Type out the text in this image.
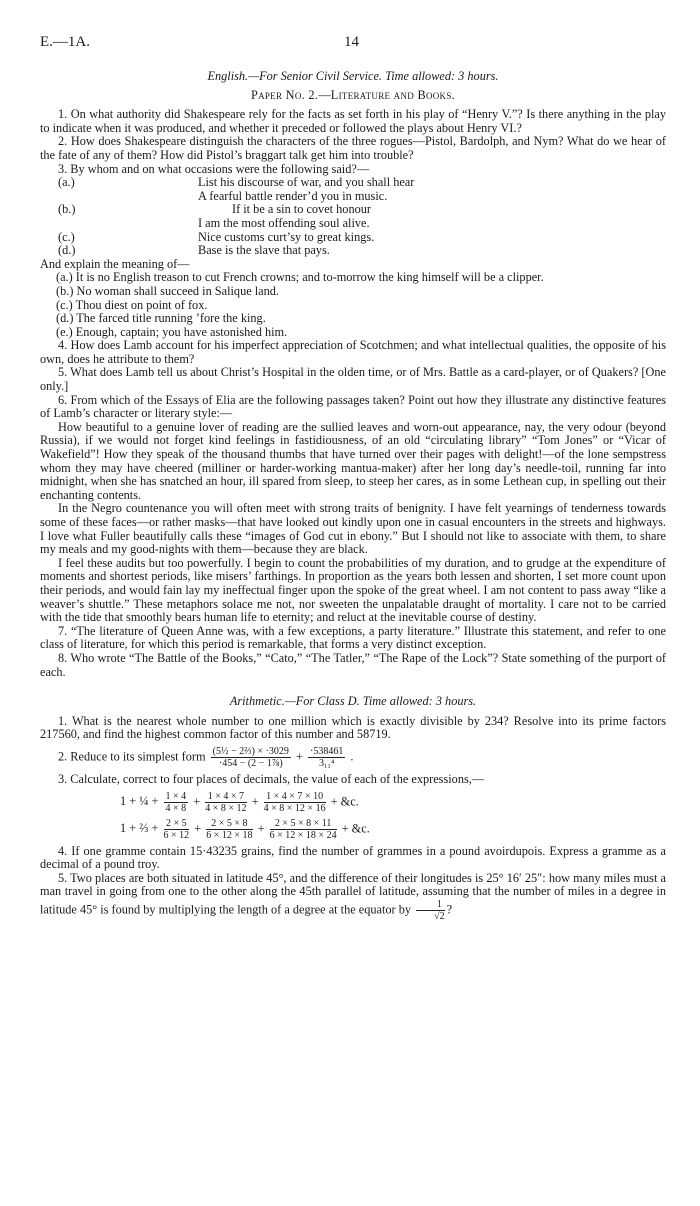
E.—1A.	14
English.—For Senior Civil Service. Time allowed: 3 hours.
Paper No. 2.—Literature and Books.

1. On what authority did Shakespeare rely for the facts as set forth in his play of “Henry V.”? Is there anything in the play to indicate when it was produced, and whether it preceded or followed the plays about Henry VI.?

2. How does Shakespeare distinguish the characters of the three rogues—Pistol, Bardolph, and Nym? What do we hear of the fate of any of them? How did Pistol’s braggart talk get him into trouble?

3. By whom and on what occasions were the following said?—

(a.)	List his discourse of war, and you shall hear
A fearful battle render’d you in music.
(b.)	If it be a sin to covet honour
I am the most offending soul alive.
(c.)	Nice customs curt’sy to great kings.
(d.)	Base is the slave that pays.

And explain the meaning of—

(a.) It is no English treason to cut French crowns; and to-morrow the king himself will be a clipper.

(b.) No woman shall succeed in Salique land.

(c.) Thou diest on point of fox.

(d.) The farced title running ’fore the king.

(e.) Enough, captain; you have astonished him.

4. How does Lamb account for his imperfect appreciation of Scotchmen; and what intellectual qualities, the opposite of his own, does he attribute to them?

5. What does Lamb tell us about Christ’s Hospital in the olden time, or of Mrs. Battle as a card-player, or of Quakers? [One only.]

6. From which of the Essays of Elia are the following passages taken? Point out how they illustrate any distinctive features of Lamb’s character or literary style:—

How beautiful to a genuine lover of reading are the sullied leaves and worn-out appearance, nay, the very odour (beyond Russia), if we would not forget kind feelings in fastidiousness, of an old “circulating library” “Tom Jones” or “Vicar of Wakefield”! How they speak of the thousand thumbs that have turned over their pages with delight!—of the lone sempstress whom they may have cheered (milliner or harder-working mantua-maker) after her long day’s needle-toil, running far into midnight, when she has snatched an hour, ill spared from sleep, to steep her cares, as in some Lethean cup, in spelling out their enchanting contents.

In the Negro countenance you will often meet with strong traits of benignity. I have felt yearnings of tenderness towards some of these faces—or rather masks—that have looked out kindly upon one in casual encounters in the streets and highways. I love what Fuller beautifully calls these “images of God cut in ebony.” But I should not like to associate with them, to share my meals and my good-nights with them—because they are black.

I feel these audits but too powerfully. I begin to count the probabilities of my duration, and to grudge at the expenditure of moments and shortest periods, like misers’ farthings. In proportion as the years both lessen and shorten, I set more count upon their periods, and would fain lay my ineffectual finger upon the spoke of the great wheel. I am not content to pass away “like a weaver’s shuttle.” These metaphors solace me not, nor sweeten the unpalatable draught of mortality. I care not to be carried with the tide that smoothly bears human life to eternity; and reluct at the inevitable course of destiny.

7. “The literature of Queen Anne was, with a few exceptions, a party literature.” Illustrate this statement, and refer to one class of literature, for which this period is remarkable, that forms a very distinct exception.

8. Who wrote “The Battle of the Books,” “Cato,” “The Tatler,” “The Rape of the Lock”? State something of the purport of each.

Arithmetic.—For Class D. Time allowed: 3 hours.

1. What is the nearest whole number to one million which is exactly divisible by 234? Resolve into its prime factors 217560, and find the highest common factor of this number and 58719.

2. Reduce to its simplest form $\frac{\text{(5½ − 2⅔) × ·3029}}{\text{·454 − (2 − 1⅞)}} + \frac{\cdot 538461}{\text{3₁₁⁴}}$ .

3. Calculate, correct to four places of decimals, the value of each of the expressions,—

1 + ¼ + $\frac{1 \times 4}{4 \times 8} + \frac{1 \times 4 \times 7}{4 \times 8 \times 12} + \frac{1 \times 4 \times 7 \times 10}{4 \times 8 \times 12 \times 16}$ + &c.
1 + ⅔ + $\frac{2 \times 5}{6 \times 12} + \frac{2 \times 5 \times 8}{6 \times 12 \times 18} + \frac{2 \times 5 \times 8 \times 11}{6 \times 12 \times 18 \times 24}$ + &c.

4. If one gramme contain 15·43235 grains, find the number of grammes in a pound avoirdupois. Express a gramme as a decimal of a pound troy.

5. Two places are both situated in latitude 45°, and the difference of their longitudes is 25° 16′ 25″: how many miles must a man travel in going from one to the other along the 45th parallel of latitude, assuming that the number of miles in a degree in latitude 45° is found by multiplying the length of a degree at the equator by $\frac{1}{√2}$ ?
